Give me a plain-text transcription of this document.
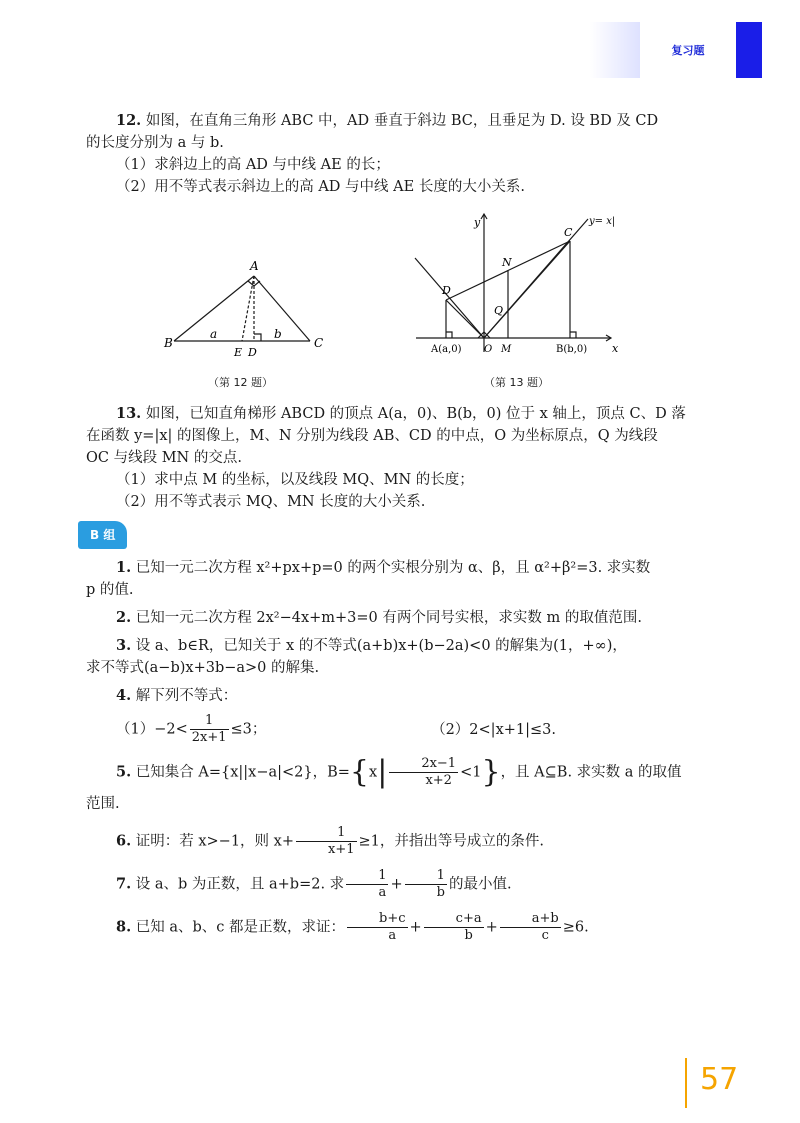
复习题

12. 如图，在直角三角形 ABC 中，AD 垂直于斜边 BC，且垂足为 D. 设 BD 及 CD

的长度分别为 a 与 b.

（1）求斜边上的高 AD 与中线 AE 的长；

（2）用不等式表示斜边上的高 AD 与中线 AE 长度的大小关系.

A
B	C
E D
a	b
y
x
y= x|
C
N
D
Q
A(a,0) O M	B(b,0)
（第 12 题）	（第 13 题）

13. 如图，已知直角梯形 ABCD 的顶点 A(a，0)、B(b，0) 位于 x 轴上，顶点 C、D 落

在函数 y=|x| 的图像上，M、N 分别为线段 AB、CD 的中点，O 为坐标原点，Q 为线段

OC 与线段 MN 的交点.

（1）求中点 M 的坐标，以及线段 MQ、MN 的长度；

（2）用不等式表示 MQ、MN 长度的大小关系.

B 组

1. 已知一元二次方程 x²+px+p=0 的两个实根分别为 α、β，且 α²+β²=3. 求实数

p 的值.

2. 已知一元二次方程 2x²−4x+m+3=0 有两个同号实根，求实数 m 的取值范围.

3. 设 a、b∈R，已知关于 x 的不等式(a+b)x+(b−2a)<0 的解集为(1，+∞)，

求不等式(a−b)x+3b−a>0 的解集.

4. 解下列不等式：

$(1)-2< \frac{1}{2x+1} \le 3$；	（2）2<|x+1|≤3.

5. 已知集合 A={x||x−a|<2}，$B=\{x| \frac{2x-1}{x+2} <1\}$，且 A⊆B. 求实数 a 的取值

范围.

6. 证明：若 x>−1，则 $x+ \frac{1}{x+1} \ge 1$，并指出等号成立的条件.

7. 设 a、b 为正数，且 a+b=2. 求 $\frac{1}{a} + \frac{1}{b}$ 的最小值.

8. 已知 a、b、c 都是正数，求证： $\frac{b+c}{a} + \frac{c+a}{b} + \frac{a+b}{c} \ge 6$.

57
